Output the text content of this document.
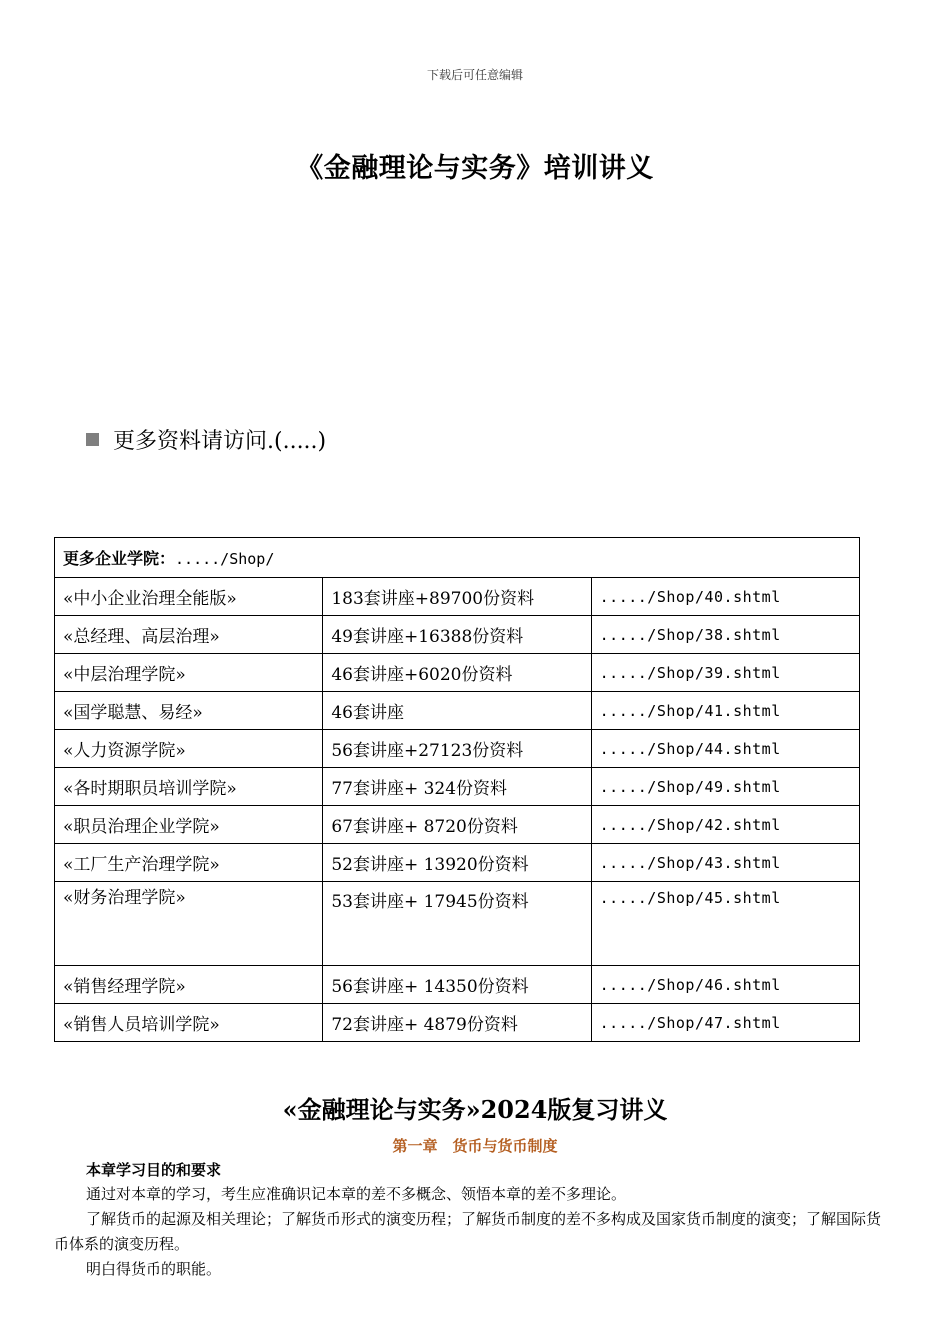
下载后可任意编辑
《金融理论与实务》培训讲义
更多资料请访问.(.....)
更多企业学院：...../Shop/		
«中小企业治理全能版»	183套讲座+89700份资料	...../Shop/40.shtml
«总经理、高层治理»	49套讲座+16388份资料	...../Shop/38.shtml
«中层治理学院»	46套讲座+6020份资料	...../Shop/39.shtml
«国学聪慧、易经»	46套讲座	...../Shop/41.shtml
«人力资源学院»	56套讲座+27123份资料	...../Shop/44.shtml
«各时期职员培训学院»	77套讲座+ 324份资料	...../Shop/49.shtml
«职员治理企业学院»	67套讲座+ 8720份资料	...../Shop/42.shtml
«工厂生产治理学院»	52套讲座+ 13920份资料	...../Shop/43.shtml
«财务治理学院»	53套讲座+ 17945份资料	...../Shop/45.shtml
«销售经理学院»	56套讲座+ 14350份资料	...../Shop/46.shtml
«销售人员培训学院»	72套讲座+ 4879份资料	...../Shop/47.shtml
«金融理论与实务»2024版复习讲义
第一章　货币与货币制度
本章学习目的和要求
通过对本章的学习，考生应准确识记本章的差不多概念、领悟本章的差不多理论。
了解货币的起源及相关理论；了解货币形式的演变历程；了解货币制度的差不多构成及国家货币制度的演变；了解国际货币体系的演变历程。
明白得货币的职能。
